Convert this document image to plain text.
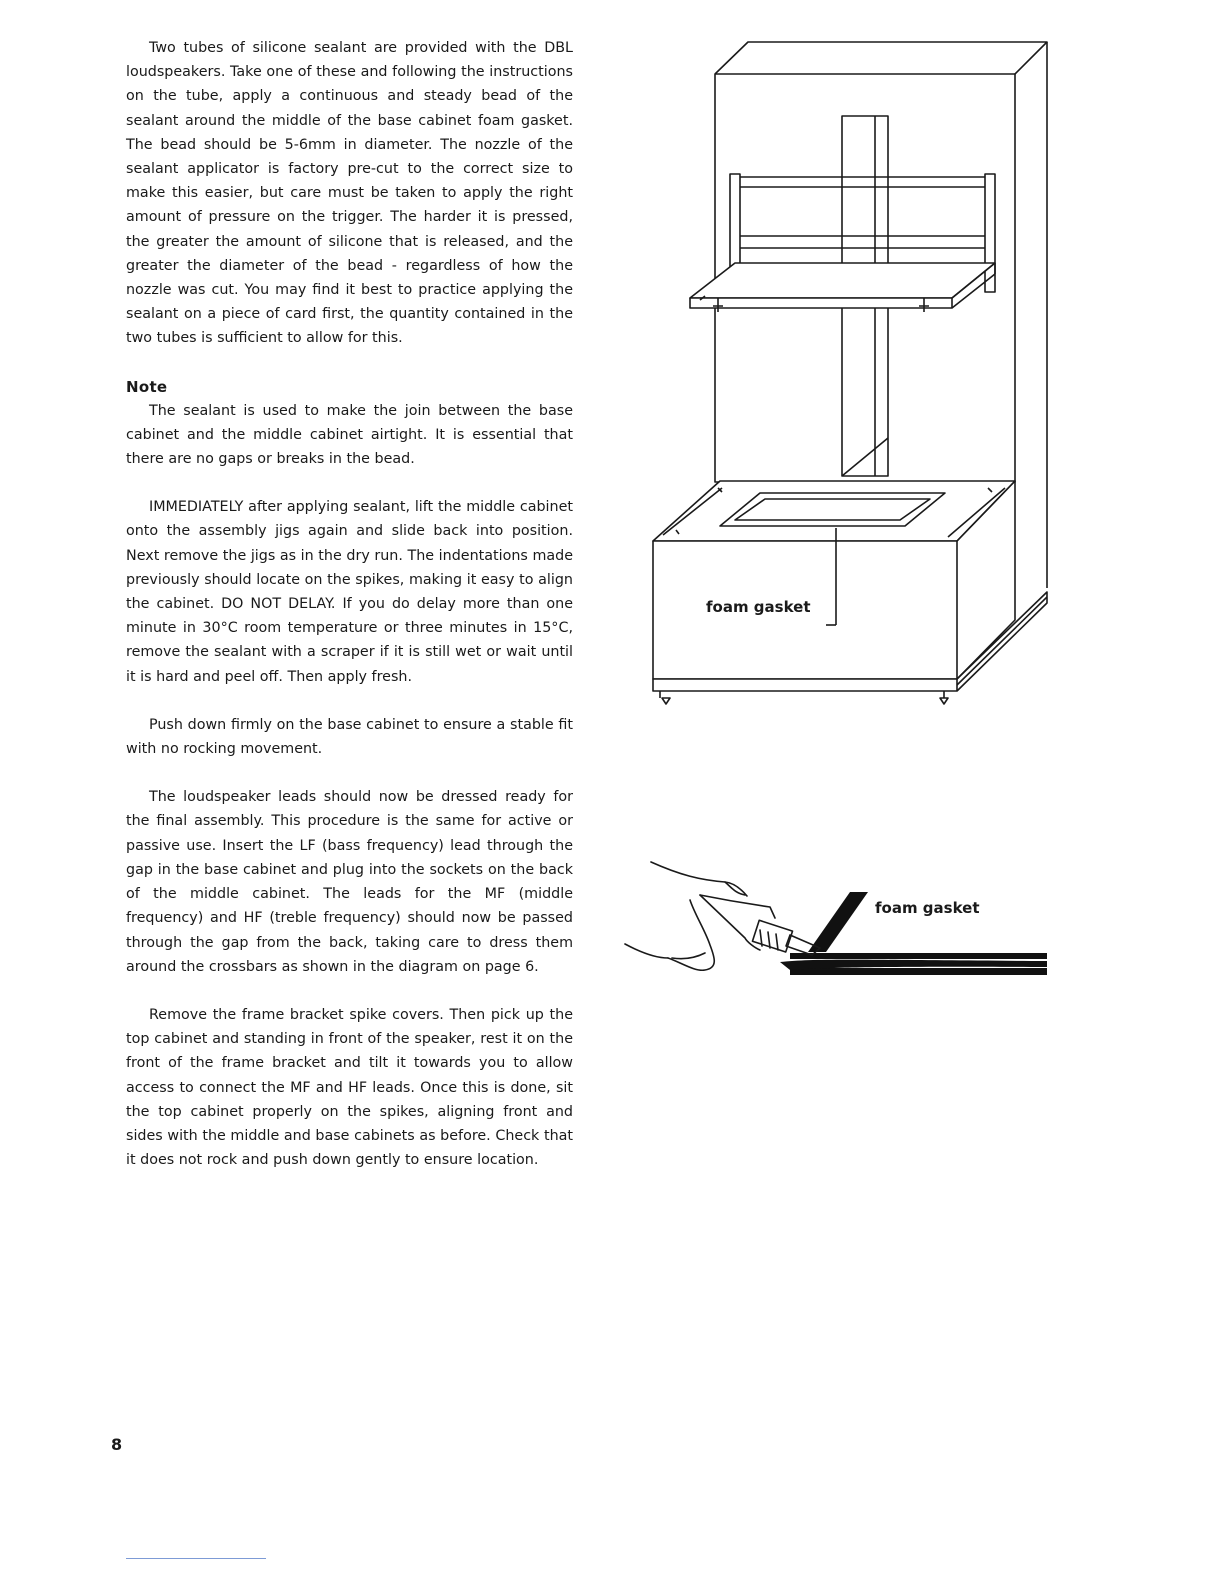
Two tubes of silicone sealant are provided with the DBL loudspeakers. Take one of these and following the instructions on the tube, apply a continuous and steady bead of the sealant around the middle of the base cabinet foam gasket. The bead should be 5-6mm in diameter. The nozzle of the sealant applicator is factory pre-cut to the correct size to make this easier, but care must be taken to apply the right amount of pressure on the trigger. The harder it is pressed, the greater the amount of silicone that is released, and the greater the diameter of the bead - regardless of how the nozzle was cut. You may find it best to practice applying the sealant on a piece of card first, the quantity contained in the two tubes is sufficient to allow for this.

Note

The sealant is used to make the join between the base cabinet and the middle cabinet airtight. It is essential that there are no gaps or breaks in the bead.

IMMEDIATELY after applying sealant, lift the middle cabinet onto the assembly jigs again and slide back into position. Next remove the jigs as in the dry run. The indentations made previously should locate on the spikes, making it easy to align the cabinet. DO NOT DELAY. If you do delay more than one minute in 30°C room temperature or three minutes in 15°C, remove the sealant with a scraper if it is still wet or wait until it is hard and peel off. Then apply fresh.

Push down firmly on the base cabinet to ensure a stable fit with no rocking movement.

The loudspeaker leads should now be dressed ready for the final assembly. This procedure is the same for active or passive use. Insert the LF (bass frequency) lead through the gap in the base cabinet and plug into the sockets on the back of the middle cabinet. The leads for the MF (middle frequency) and HF (treble frequency) should now be passed through the gap from the back, taking care to dress them around the crossbars as shown in the diagram on page 6.

Remove the frame bracket spike covers. Then pick up the top cabinet and standing in front of the speaker, rest it on the front of the frame bracket and tilt it towards you to allow access to connect the MF and HF leads. Once this is done, sit the top cabinet properly on the spikes, aligning front and sides with the middle and base cabinets as before. Check that it does not rock and push down gently to ensure location.

foam gasket
foam gasket
8
